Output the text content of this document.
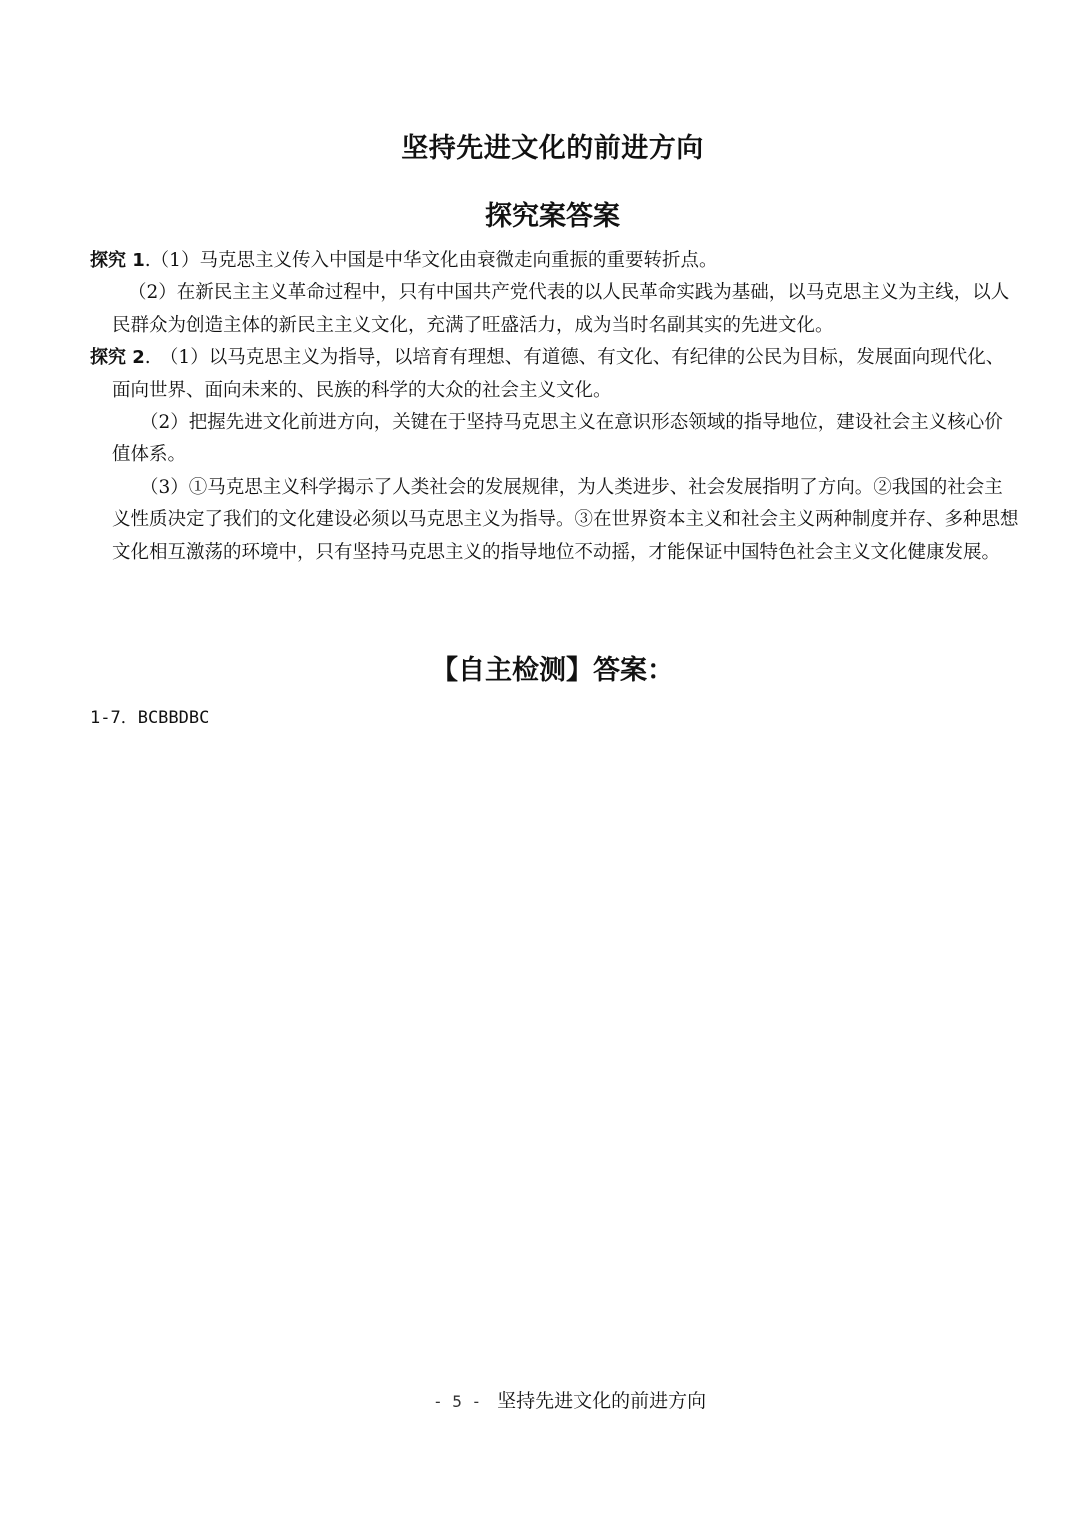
坚持先进文化的前进方向
探究案答案

探究 1.（1）马克思主义传入中国是中华文化由衰微走向重振的重要转折点。

（2）在新民主主义革命过程中，只有中国共产党代表的以人民革命实践为基础，以马克思主义为主线，以人民群众为创造主体的新民主主义文化，充满了旺盛活力，成为当时名副其实的先进文化。

探究 2.　（1）以马克思主义为指导，以培育有理想、有道德、有文化、有纪律的公民为目标，发展面向现代化、面向世界、面向未来的、民族的科学的大众的社会主义文化。

（2）把握先进文化前进方向，关键在于坚持马克思主义在意识形态领域的指导地位，建设社会主义核心价值体系。

（3）①马克思主义科学揭示了人类社会的发展规律，为人类进步、社会发展指明了方向。②我国的社会主义性质决定了我们的文化建设必须以马克思主义为指导。③在世界资本主义和社会主义两种制度并存、多种思想文化相互激荡的环境中，只有坚持马克思主义的指导地位不动摇，才能保证中国特色社会主义文化健康发展。

【自主检测】答案：
1-7．BCBBDBC
- 5 - 坚持先进文化的前进方向
